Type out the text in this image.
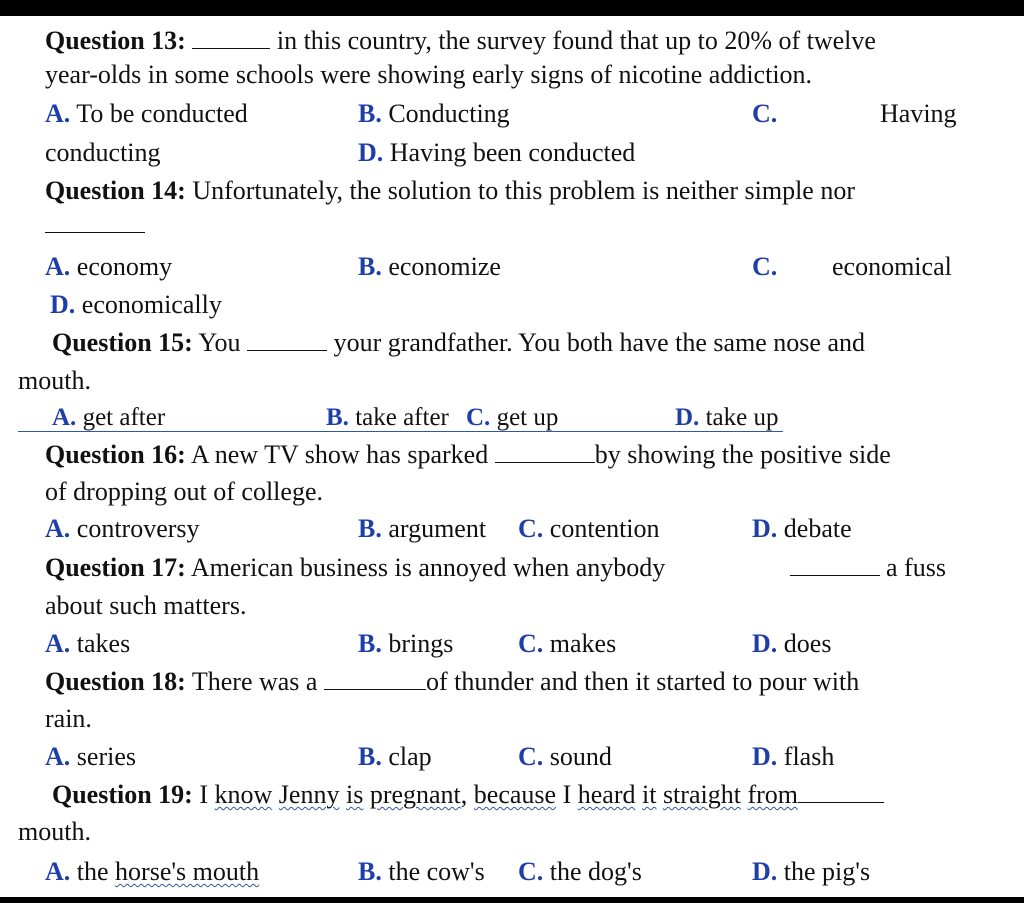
Question 13:	in this country, the survey found that up to 20% of twelve
year-olds in some schools were showing early signs of nicotine addiction.
A. To be conducted	B. Conducting	C.	Having
conducting	D. Having been conducted
Question 14: Unfortunately, the solution to this problem is neither simple nor
A. economy	B. economize	C. economical
D. economically
Question 15: You	your grandfather. You both have the same nose and
mouth.
A. get after	B. take after C. get up	D. take up
Question 16: A new TV show has sparked	by showing the positive side
of dropping out of college.
A. controversy	B. argument C. contention	D. debate
Question 17: American business is annoyed when anybody	a fuss
about such matters.
A. takes	B. brings C. makes	D. does
Question 18: There was a	of thunder and then it started to pour with
rain.
A. series	B. clap	C. sound	D. flash
Question 19: I know Jenny is pregnant, because I heard it straight from
mouth.
A. the horse's mouth	B. the cow's C. the dog's	D. the pig's
